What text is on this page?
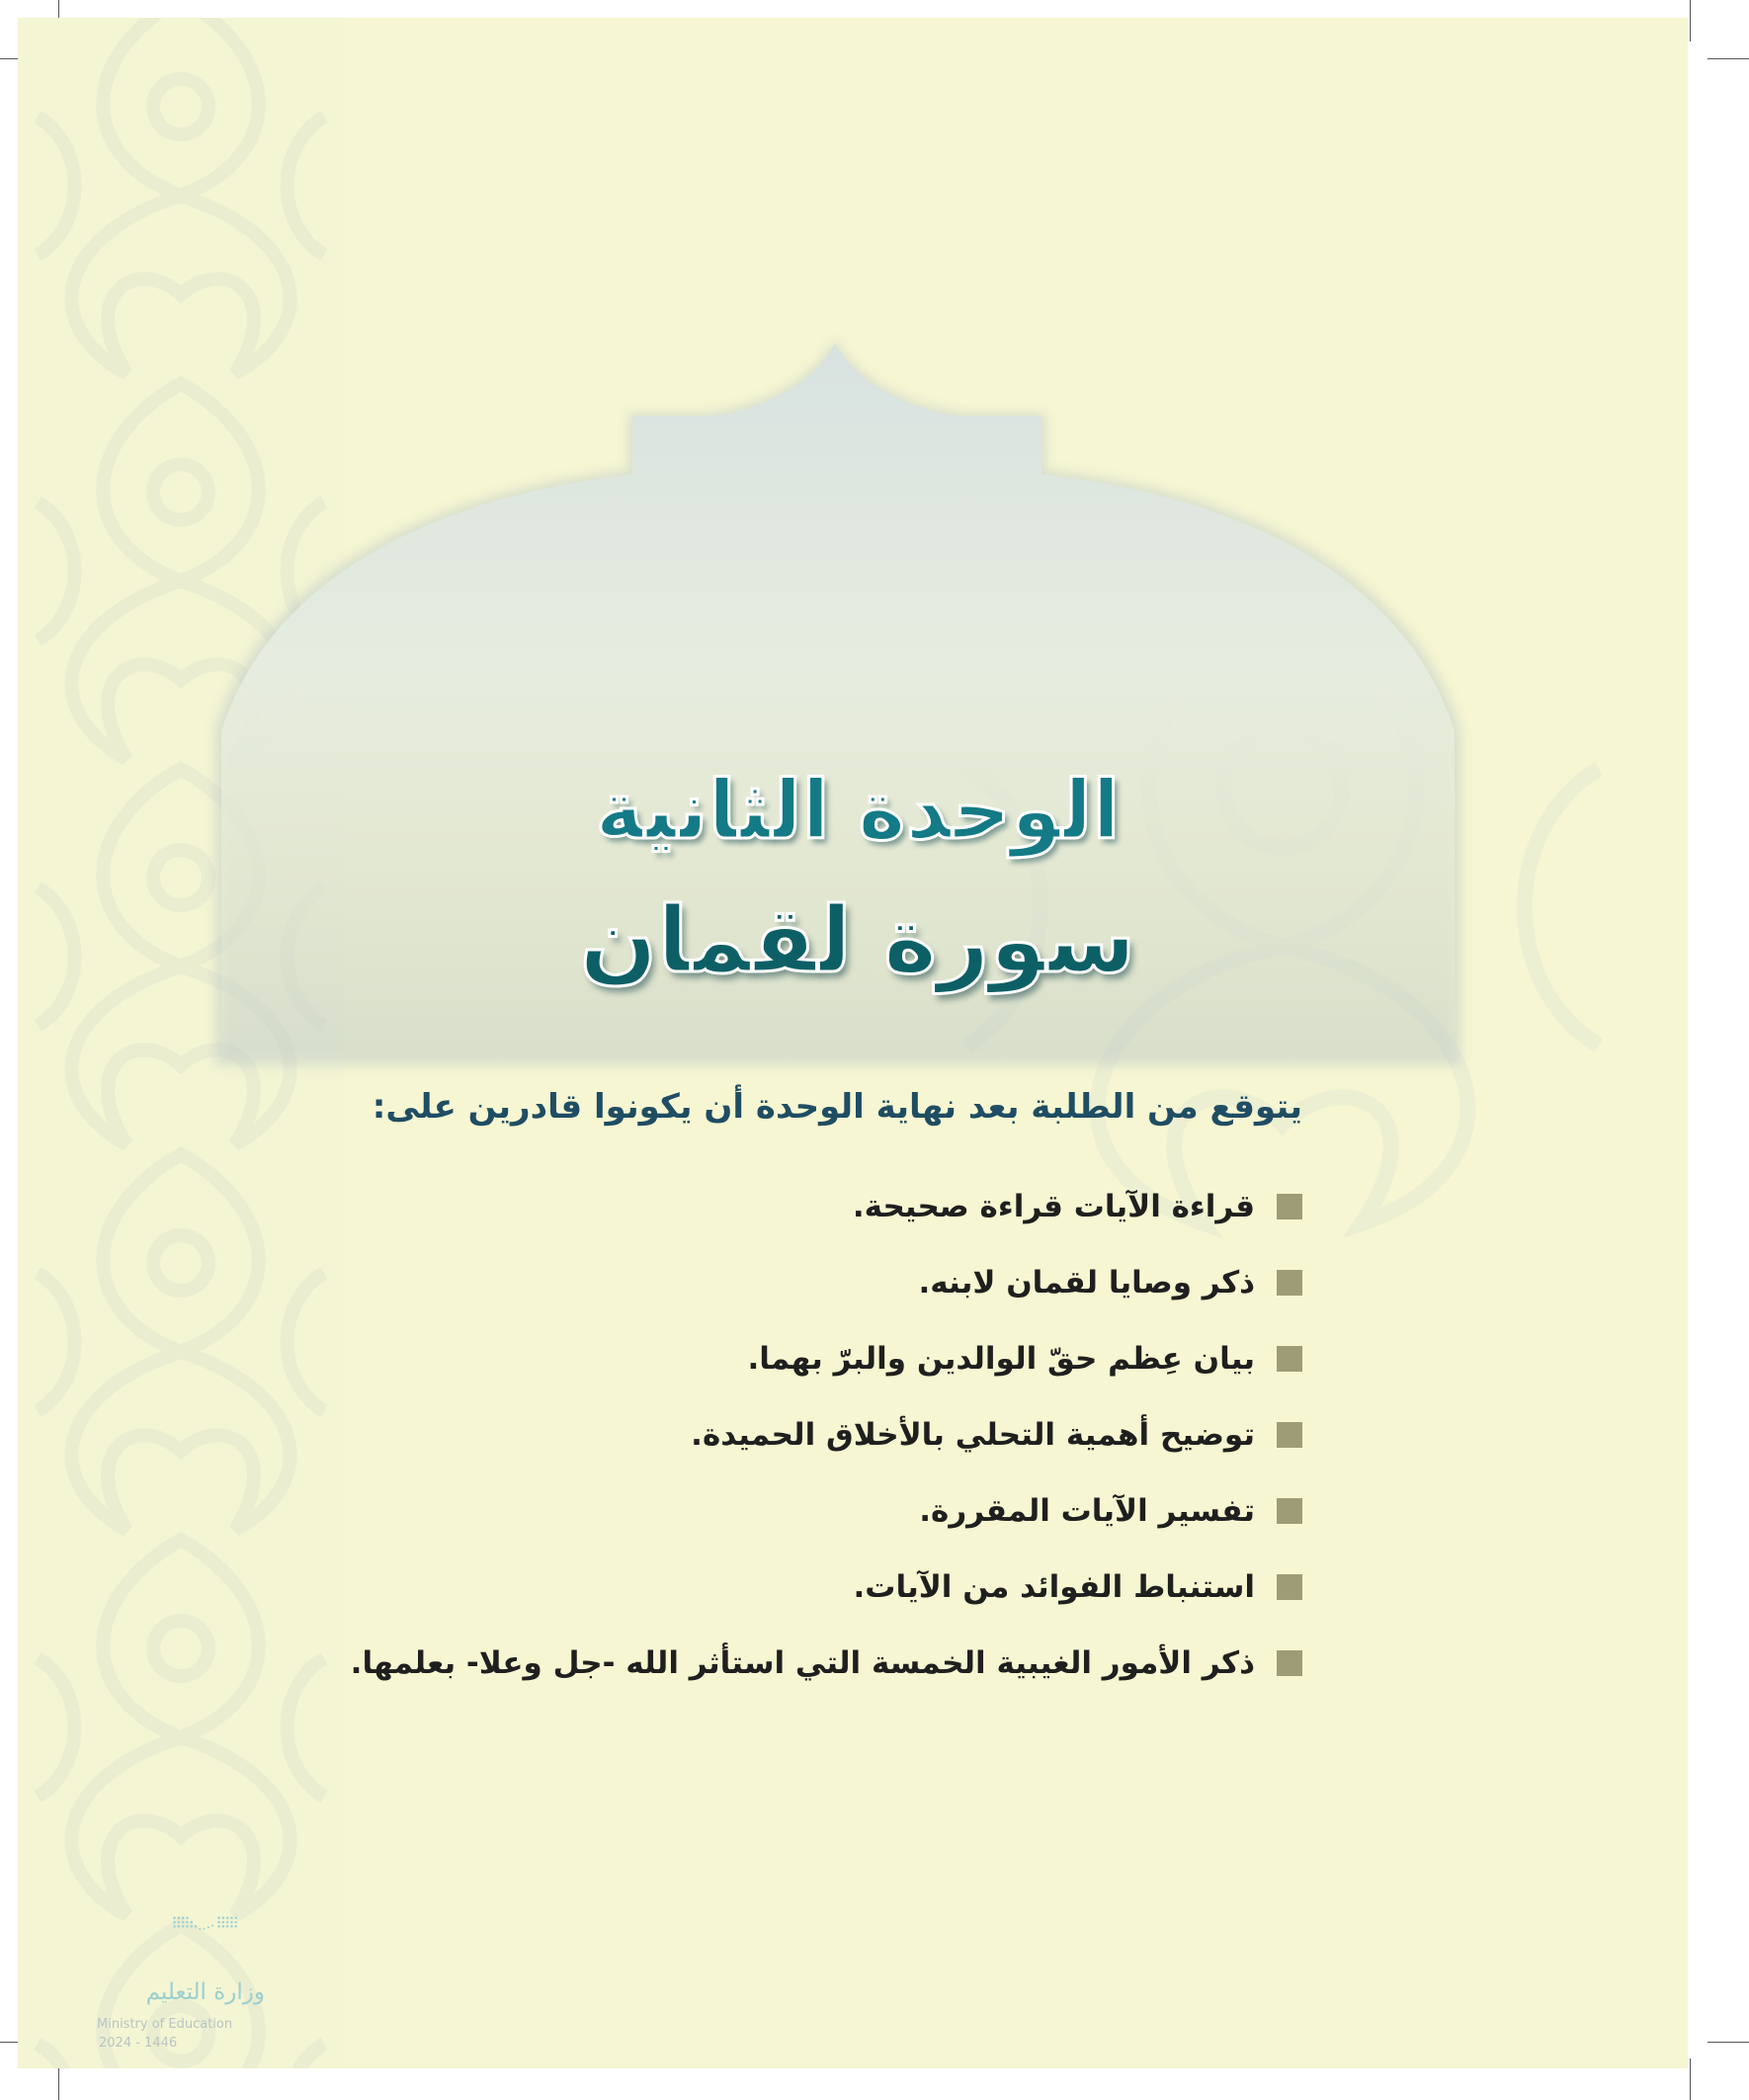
الوحدة الثانية
سورة لقمان
يتوقع من الطلبة بعد نهاية الوحدة أن يكونوا قادرين على:
قراءة الآيات قراءة صحيحة.
ذكر وصايا لقمان لابنه.
بيان عِظم حقّ الوالدين والبرّ بهما.
توضيح أهمية التحلي بالأخلاق الحميدة.
تفسير الآيات المقررة.
استنباط الفوائد من الآيات.
ذكر الأمور الغيبية الخمسة التي استأثر الله -جل وعلا- بعلمها.
وزارة التعليم
Ministry of Education
2024 - 1446
